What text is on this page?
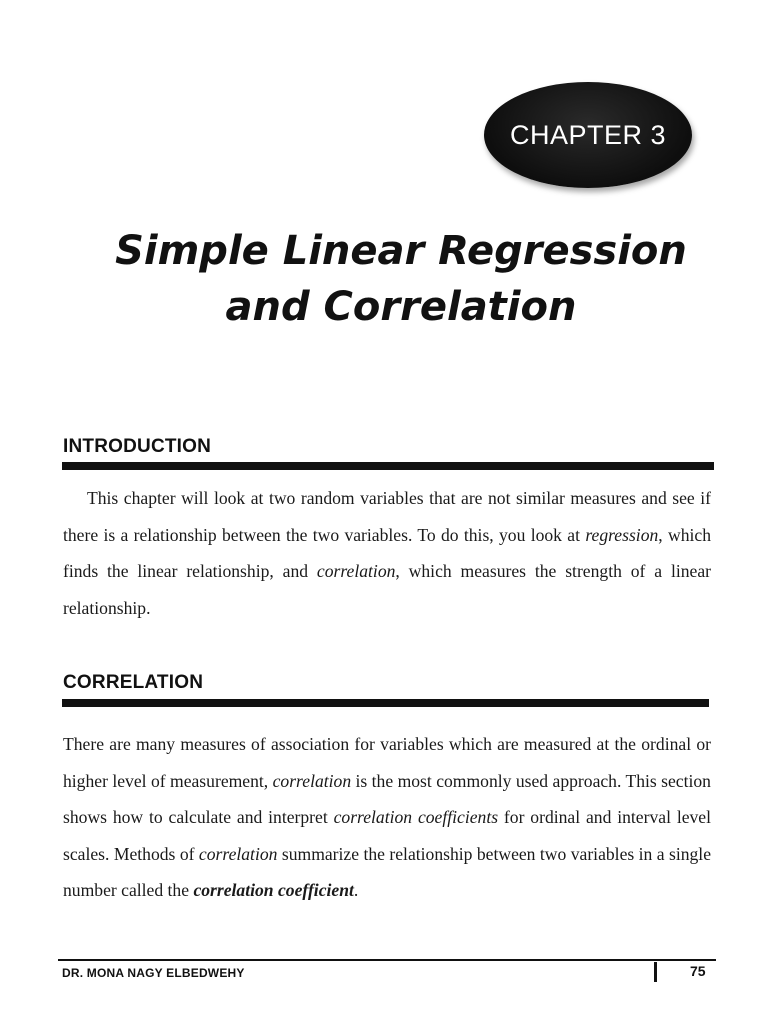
CHAPTER 3
Simple Linear Regression
and Correlation
INTRODUCTION

This chapter will look at two random variables that are not similar measures and see if there is a relationship between the two variables. To do this, you look at regression, which finds the linear relationship, and correlation, which measures the strength of a linear relationship.

CORRELATION

There are many measures of association for variables which are measured at the ordinal or higher level of measurement, correlation is the most commonly used approach. This section shows how to calculate and interpret correlation coefficients for ordinal and interval level scales. Methods of correlation summarize the relationship between two variables in a single number called the correlation coefficient.

DR. MONA NAGY ELBEDWEHY	75
